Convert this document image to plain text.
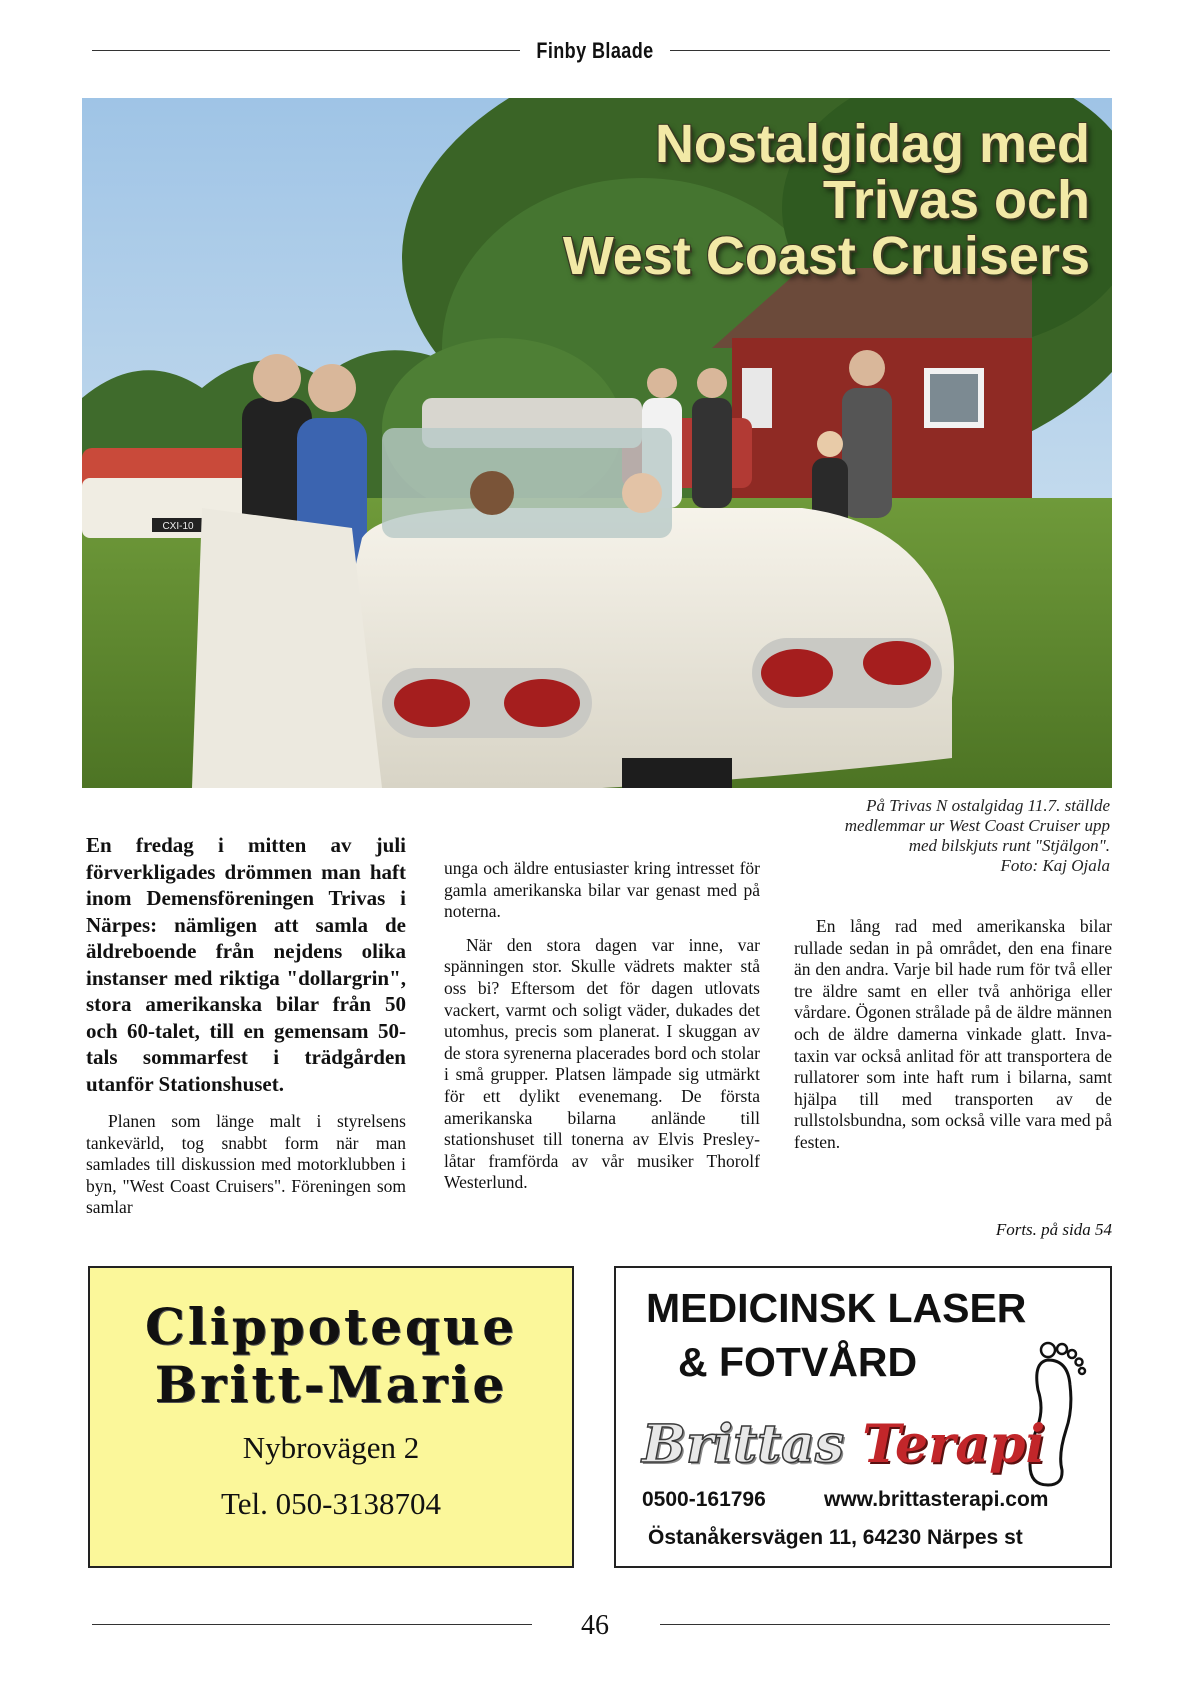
Finby Blaade
CXI-10
Nostalgidag med
Trivas och
West Coast Cruisers
På Trivas N ostalgidag 11.7. ställde
medlemmar ur West Coast Cruiser upp
med bilskjuts runt "Stjälgon".
Foto: Kaj Ojala

En fredag i mitten av juli förverkligades drömmen man haft inom Demensföreningen Trivas i Närpes: nämligen att samla de äldreboende från nejdens olika instanser med riktiga "dollargrin", stora amerikanska bilar från 50 och 60-talet, till en gemensam 50-tals sommarfest i trädgården utanför Stationshuset.

Planen som länge malt i styrelsens tankevärld, tog snabbt form när man samlades till diskussion med motorklubben i byn, "West Coast Cruisers". Föreningen som samlar

unga och äldre entusiaster kring intresset för gamla amerikanska bilar var genast med på noterna.

När den stora dagen var inne, var spänningen stor. Skulle vädrets makter stå oss bi? Eftersom det för dagen utlovats vackert, varmt och soligt väder, dukades det utomhus, precis som planerat. I skuggan av de stora syrenerna placerades bord och stolar i små grupper. Platsen lämpade sig utmärkt för ett dylikt evenemang. De första amerikanska bilarna anlände till stationshuset till tonerna av Elvis Presley-låtar framförda av vår musiker Thorolf Westerlund.

En lång rad med amerikanska bilar rullade sedan in på området, den ena finare än den andra. Varje bil hade rum för två eller tre äldre samt en eller två anhöriga eller vårdare. Ögonen strålade på de äldre männen och de äldre damerna vinkade glatt. Inva-taxin var också anlitad för att transportera de rullatorer som inte haft rum i bilarna, samt hjälpa till med transporten av de rullstolsbundna, som också ville vara med på festen.

Forts. på sida 54
Clippoteque
Britt-Marie
Nybrovägen 2
Tel. 050-3138704
MEDICINSK LASER
& FOTVÅRD
Brittas Terapi
0500-161796	www.brittasterapi.com
Östanåkersvägen 11, 64230 Närpes st
46
